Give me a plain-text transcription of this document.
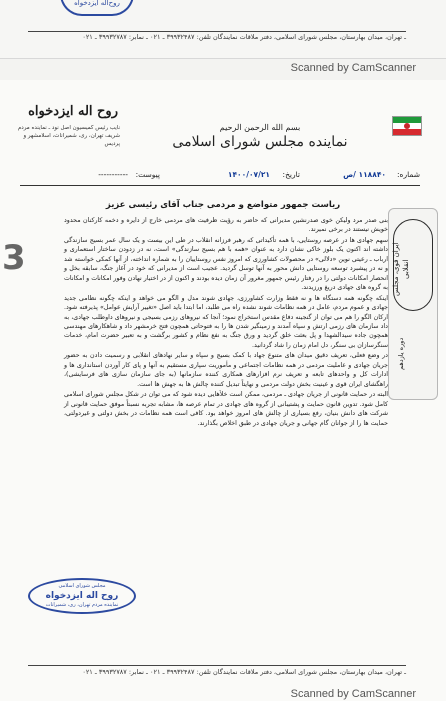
روح‌اله ایزدخواه
ـ تهران، میدان بهارستان، مجلس شورای اسلامی، دفتر ملاقات نمایندگان تلفن: ۳۹۹۳۲۴۸۷ ـ ۰۲۱ ـ نمابر: ۳۹۹۳۲۷۸۷ ـ ۰۲۱
Scanned by CamScanner
بسم الله الرحمن الرحیم
نماینده مجلس شورای اسلامی
روح اله ایزدخواه
نایب رئیس کمیسیون اصل نود ـ نماینده مردم شریف تهران، ری، شمیرانات، اسلامشهر و پردیس
شماره:
۱۱۸۸۴۰ /ص
تاریخ:
۱۴۰۰/۰۷/۲۱
پیوست:
-----------
ایران قوی، مجلس انقلابی
دوره یازدهم
3
ریاست جمهور متواضع و مردمی جناب آقای رئیسی عزیز

بنی صدر مرد ولیکن خوی صدرنشین مدیرانی که حاضر به رؤیت ظرفیت های مردمی خارج از دایره و دخمه کارکنان محدود خویش نیستند در برخی نمیرند.

سهم جهادی ها در عرصه روستایی، با همه تأکیداتی که رهبر فرزانه انقلاب در طی این بیست و یک سال عمر بسیج سازندگی داشته اند اکنون یک بلوز خاکی نشان دارد به عنوان «همه با هم بسیج سازندگی» است، نه در زدودن ساختار استعماری و ارباب ـ رعیتی نوین «دلالی» در محصولات کشاورزی که امروز نفس روستاییان را به شماره انداخته، از آنها کمکی خواسته شد و نه در پیشبرد توسعه روستایی دانش محور به آنها توسل گردید. عجیب است از مدیرانی که خود در آغاز جنگ، سابقه بخل و انحصار امکانات دولتی را در رفتار رئیس جمهور مغرور آن زمان دیده بودند و اکنون از در اختیار نهادن وفور امکانات و امکانات به گروه های جهادی دریغ ورزیدند.

اینکه چگونه همه دستگاه ها و نه فقط وزارت کشاورزی، جهادی شوند مدل و الگو می خواهد و اینکه چگونه نظامی جدید جهادی و عموم مردم، عامل در همه نظامات شوند نشده راه می طلبد، اما ابتدا باید اصل «تغییر آرایش عوامل» پذیرفته شود. ارکان الگو را هم می توان از گنجینه دفاع مقدس استخراج نمود؛ آنجا که نیروهای رزمی بسیجی و نیروهای داوطلب جهادی، به داد سازمان های رزمی ارتش و سپاه آمدند و زمینگیر شدن ها را به فتوحاتی همچون فتح خرمشهر داد و شاهکارهای مهندسی همچون جاده سیدالشهدا و پل بعثت خلق گردید و ورق جنگ به نفع نظام و کشور برگشت و به تعبیر حضرت امام، خدمات سنگرسازان بی سنگر، دل امام زمان را شاد گردانید.

در وضع فعلی، تعریف دقیق میدان های متنوع جهاد با کمک بسیج و سپاه و سایر نهادهای انقلابی و رسمیت دادن به حضور جریان جهادی و عاملیت مردمی در همه نظامات اجتماعی و مأموریت سپاری مستقیم به آنها و پای کار آوردن استانداری ها و ادارات کل و واحدهای تابعه و تعریف نرم افزارهای همکاری کننده سازمانها (به جای سازمان سازی های فرسایشی)، راهگشای ایران قوی و عینیت بخش دولت مردمی و نهایتاً تبدیل کننده چالش ها به جهش ها است.

البته در حمایت قانونی از جریان جهادی ـ مردمی، ممکن است خلأهایی دیده شود که می توان در شکل مجلس شورای اسلامی کامل شود. تدوین قانون حمایت و پشتیبانی از گروه های جهادی در تمام عرصه ها، مشابه تجربه نسبتاً موفق حمایت قانونی از شرکت های دانش بنیان، رفع بسیاری از چالش های امروز خواهد بود. کافی است همه نظامات در بخش دولتی و غیردولتی، حمایت ها را از جوانان گام جهانی و جریان جهادی در طبق اخلاص بگذارند.

مجلس شورای اسلامی
روح اله ایزدخواه
نماینده مردم تهران، ری، شمیرانات
ـ تهران، میدان بهارستان، مجلس شورای اسلامی، دفتر ملاقات نمایندگان تلفن: ۳۹۹۳۲۴۸۷ ـ ۰۲۱ ـ نمابر: ۳۹۹۳۲۷۸۷ ـ ۰۲۱
Scanned by CamScanner
